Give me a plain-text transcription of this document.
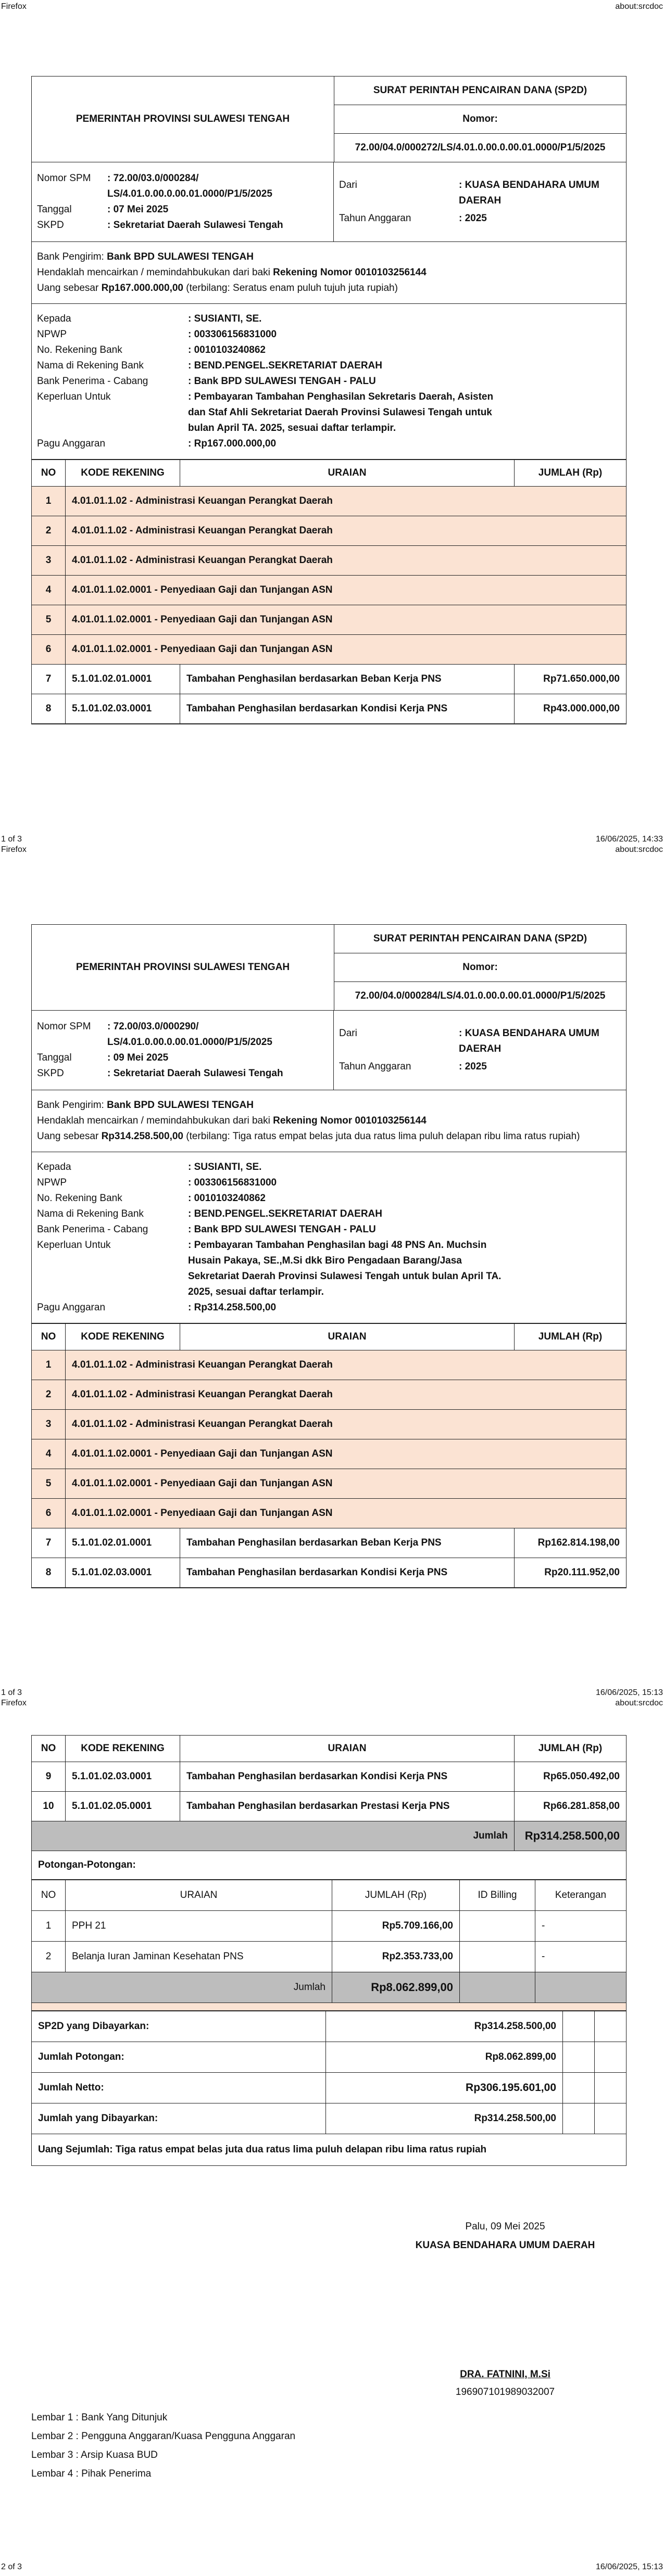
Firefox	about:srcdoc
1 of 3	16/06/2025, 14:33
Firefox	about:srcdoc
1 of 3	16/06/2025, 15:13
Firefox	about:srcdoc
2 of 3	16/06/2025, 15:13
PEMERINTAH PROVINSI SULAWESI TENGAH
SURAT PERINTAH PENCAIRAN DANA (SP2D)
Nomor:
72.00/04.0/000272/LS/4.01.0.00.0.00.01.0000/P1/5/2025
Nomor SPM	: 72.00/03.0/000284/
LS/4.01.0.00.0.00.01.0000/P1/5/2025
Tanggal	: 07 Mei 2025
SKPD	: Sekretariat Daerah Sulawesi Tengah
Dari	: KUASA BENDAHARA UMUM
DAERAH
Tahun Anggaran	: 2025
Bank Pengirim: Bank BPD SULAWESI TENGAH
Hendaklah mencairkan / memindahbukukan dari baki Rekening Nomor 0010103256144
Uang sebesar Rp167.000.000,00 (terbilang: Seratus enam puluh tujuh juta rupiah)
Kepada	: SUSIANTI, SE.
NPWP	: 003306156831000
No. Rekening Bank	: 0010103240862
Nama di Rekening Bank	: BEND.PENGEL.SEKRETARIAT DAERAH
Bank Penerima - Cabang	: Bank BPD SULAWESI TENGAH - PALU
Keperluan Untuk	: Pembayaran Tambahan Penghasilan Sekretaris Daerah, Asisten
dan Staf Ahli Sekretariat Daerah Provinsi Sulawesi Tengah untuk
bulan April TA. 2025, sesuai daftar terlampir.
Pagu Anggaran	: Rp167.000.000,00
NO	KODE REKENING	URAIAN	JUMLAH (Rp)
1	4.01.01.1.02 - Administrasi Keuangan Perangkat Daerah		
2	4.01.01.1.02 - Administrasi Keuangan Perangkat Daerah		
3	4.01.01.1.02 - Administrasi Keuangan Perangkat Daerah		
4	4.01.01.1.02.0001 - Penyediaan Gaji dan Tunjangan ASN		
5	4.01.01.1.02.0001 - Penyediaan Gaji dan Tunjangan ASN		
6	4.01.01.1.02.0001 - Penyediaan Gaji dan Tunjangan ASN		
7	5.1.01.02.01.0001	Tambahan Penghasilan berdasarkan Beban Kerja PNS	Rp71.650.000,00
8	5.1.01.02.03.0001	Tambahan Penghasilan berdasarkan Kondisi Kerja PNS	Rp43.000.000,00
PEMERINTAH PROVINSI SULAWESI TENGAH
SURAT PERINTAH PENCAIRAN DANA (SP2D)
Nomor:
72.00/04.0/000284/LS/4.01.0.00.0.00.01.0000/P1/5/2025
Nomor SPM	: 72.00/03.0/000290/
LS/4.01.0.00.0.00.01.0000/P1/5/2025
Tanggal	: 09 Mei 2025
SKPD	: Sekretariat Daerah Sulawesi Tengah
Dari	: KUASA BENDAHARA UMUM
DAERAH
Tahun Anggaran	: 2025
Bank Pengirim: Bank BPD SULAWESI TENGAH
Hendaklah mencairkan / memindahbukukan dari baki Rekening Nomor 0010103256144
Uang sebesar Rp314.258.500,00 (terbilang: Tiga ratus empat belas juta dua ratus lima puluh delapan ribu lima ratus rupiah)
Kepada	: SUSIANTI, SE.
NPWP	: 003306156831000
No. Rekening Bank	: 0010103240862
Nama di Rekening Bank	: BEND.PENGEL.SEKRETARIAT DAERAH
Bank Penerima - Cabang	: Bank BPD SULAWESI TENGAH - PALU
Keperluan Untuk	: Pembayaran Tambahan Penghasilan bagi 48 PNS An. Muchsin
Husain Pakaya, SE.,M.Si dkk Biro Pengadaan Barang/Jasa
Sekretariat Daerah Provinsi Sulawesi Tengah untuk bulan April TA.
2025, sesuai daftar terlampir.
Pagu Anggaran	: Rp314.258.500,00
NO	KODE REKENING	URAIAN	JUMLAH (Rp)
1	4.01.01.1.02 - Administrasi Keuangan Perangkat Daerah		
2	4.01.01.1.02 - Administrasi Keuangan Perangkat Daerah		
3	4.01.01.1.02 - Administrasi Keuangan Perangkat Daerah		
4	4.01.01.1.02.0001 - Penyediaan Gaji dan Tunjangan ASN		
5	4.01.01.1.02.0001 - Penyediaan Gaji dan Tunjangan ASN		
6	4.01.01.1.02.0001 - Penyediaan Gaji dan Tunjangan ASN		
7	5.1.01.02.01.0001	Tambahan Penghasilan berdasarkan Beban Kerja PNS	Rp162.814.198,00
8	5.1.01.02.03.0001	Tambahan Penghasilan berdasarkan Kondisi Kerja PNS	Rp20.111.952,00
NO	KODE REKENING	URAIAN	JUMLAH (Rp)
9	5.1.01.02.03.0001	Tambahan Penghasilan berdasarkan Kondisi Kerja PNS	Rp65.050.492,00
10	5.1.01.02.05.0001	Tambahan Penghasilan berdasarkan Prestasi Kerja PNS	Rp66.281.858,00
Jumlah			Rp314.258.500,00
Potongan-Potongan:
NO	URAIAN	JUMLAH (Rp)	ID Billing	Keterangan
1	PPH 21	Rp5.709.166,00		-
2	Belanja Iuran Jaminan Kesehatan PNS	Rp2.353.733,00		-
Jumlah		Rp8.062.899,00		
SP2D yang Dibayarkan:	Rp314.258.500,00		
Jumlah Potongan:	Rp8.062.899,00		
Jumlah Netto:	Rp306.195.601,00		
Jumlah yang Dibayarkan:	Rp314.258.500,00		
Uang Sejumlah: Tiga ratus empat belas juta dua ratus lima puluh delapan ribu lima ratus rupiah
Palu, 09 Mei 2025
KUASA BENDAHARA UMUM DAERAH
DRA. FATNINI, M.Si
196907101989032007
Lembar 1 : Bank Yang Ditunjuk
Lembar 2 : Pengguna Anggaran/Kuasa Pengguna Anggaran
Lembar 3 : Arsip Kuasa BUD
Lembar 4 : Pihak Penerima
